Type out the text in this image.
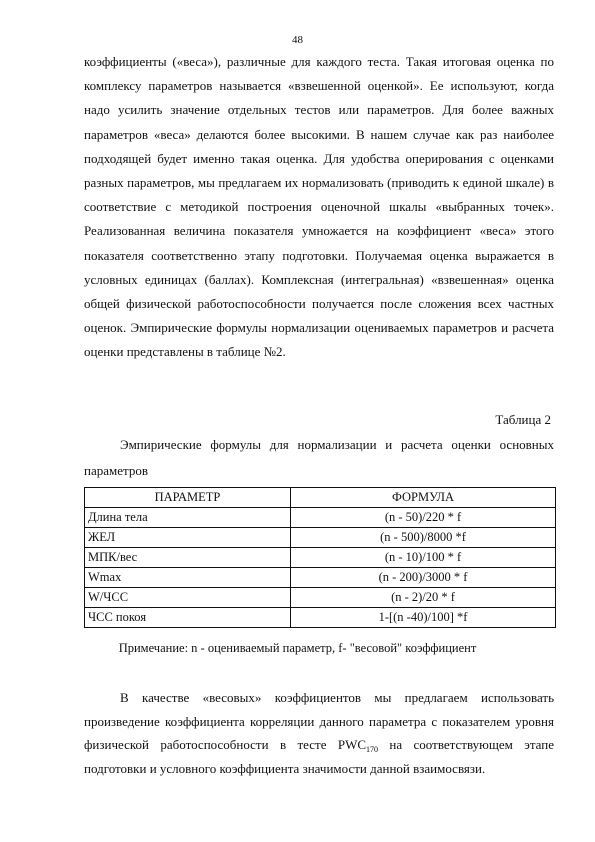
48

коэффициенты («веса»), различные для каждого теста. Такая итоговая оценка по комплексу параметров называется «взвешенной оценкой». Ее используют, когда надо усилить значение отдельных тестов или параметров. Для более важных параметров «веса» делаются более высокими. В нашем случае как раз наиболее подходящей будет именно такая оценка. Для удобства оперирования с оценками разных параметров, мы предлагаем их нормализовать (приводить к единой шкале) в соответствие с методикой построения оценочной шкалы «выбранных точек». Реализованная величина показателя умножается на коэффициент «веса» этого показателя соответственно этапу подготовки. Получаемая оценка выражается в условных единицах (баллах). Комплексная (интегральная) «взвешенная» оценка общей физической работоспособности получается после сложения всех частных оценок. Эмпирические формулы нормализации оцениваемых параметров и расчета оценки представлены в таблице №2.

Таблица 2

Эмпирические формулы для нормализации и расчета оценки основных параметров

ПАРАМЕТР	ФОРМУЛА
Длина тела	(n - 50)/220 * f
ЖЕЛ	(n - 500)/8000 *f
МПК/вес	(n - 10)/100 * f
Wmax	(n - 200)/3000 * f
W/ЧСС	(n - 2)/20 * f
ЧСС покоя	1-[(n -40)/100] *f
Примечание: n - оцениваемый параметр, f- "весовой" коэффициент

В качестве «весовых» коэффициентов мы предлагаем использовать произведение коэффициента корреляции данного параметра с показателем уровня физической работоспособности в тесте $PWC_{170}$ на соответствующем этапе подготовки и условного коэффициента значимости данной взаимосвязи.
